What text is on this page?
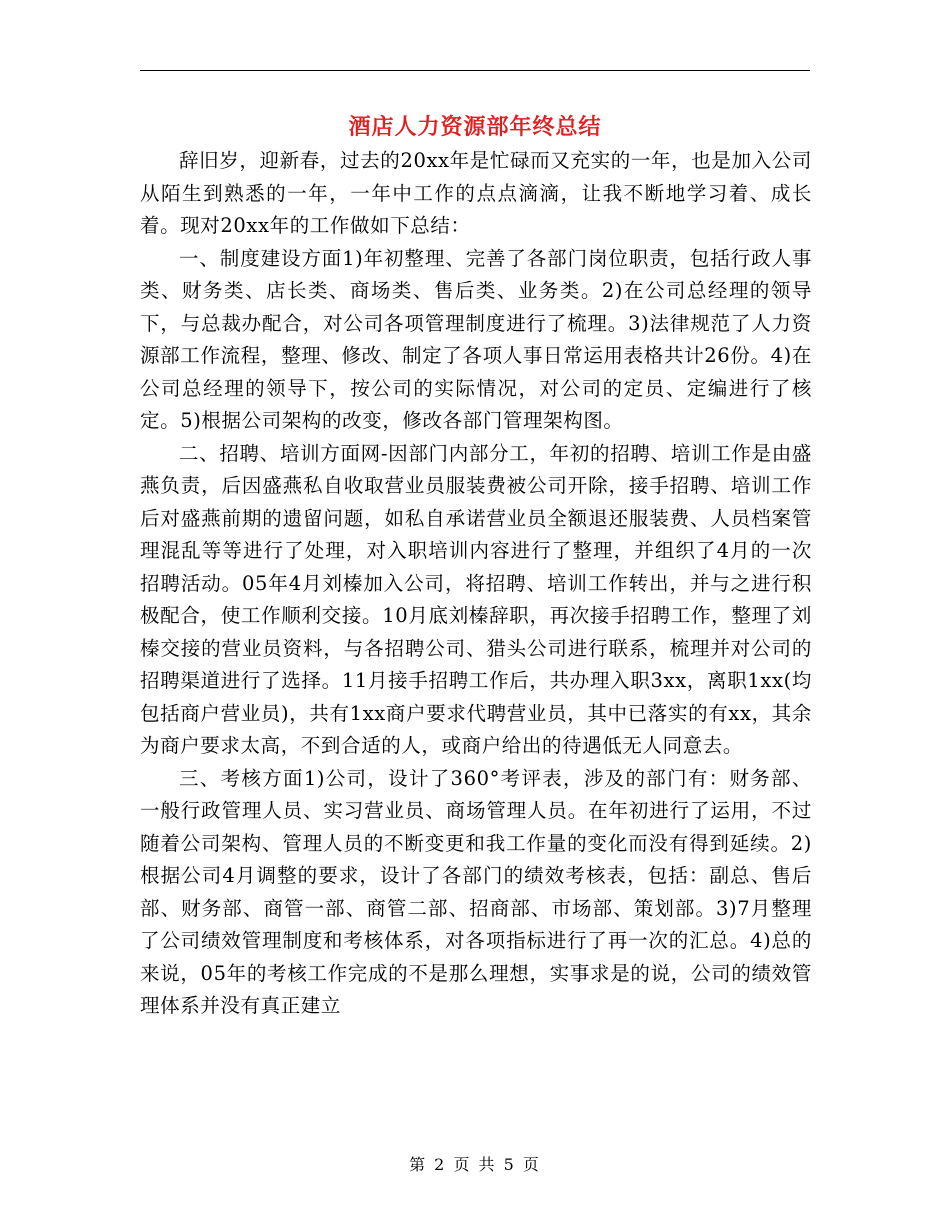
酒店人力资源部年终总结

辞旧岁，迎新春，过去的20xx年是忙碌而又充实的一年，也是加入公司从陌生到熟悉的一年，一年中工作的点点滴滴，让我不断地学习着、成长着。现对20xx年的工作做如下总结：

一、制度建设方面1)年初整理、完善了各部门岗位职责，包括行政人事类、财务类、店长类、商场类、售后类、业务类。2)在公司总经理的领导下，与总裁办配合，对公司各项管理制度进行了梳理。3)法律规范了人力资源部工作流程，整理、修改、制定了各项人事日常运用表格共计26份。4)在公司总经理的领导下，按公司的实际情况，对公司的定员、定编进行了核定。5)根据公司架构的改变，修改各部门管理架构图。

二、招聘、培训方面网-因部门内部分工，年初的招聘、培训工作是由盛燕负责，后因盛燕私自收取营业员服装费被公司开除，接手招聘、培训工作后对盛燕前期的遗留问题，如私自承诺营业员全额退还服装费、人员档案管理混乱等等进行了处理，对入职培训内容进行了整理，并组织了4月的一次招聘活动。05年4月刘榛加入公司，将招聘、培训工作转出，并与之进行积极配合，使工作顺利交接。10月底刘榛辞职，再次接手招聘工作，整理了刘榛交接的营业员资料，与各招聘公司、猎头公司进行联系，梳理并对公司的招聘渠道进行了选择。11月接手招聘工作后，共办理入职3xx，离职1xx(均包括商户营业员)，共有1xx商户要求代聘营业员，其中已落实的有xx，其余为商户要求太高，不到合适的人，或商户给出的待遇低无人同意去。

三、考核方面1)公司，设计了360°考评表，涉及的部门有：财务部、一般行政管理人员、实习营业员、商场管理人员。在年初进行了运用，不过随着公司架构、管理人员的不断变更和我工作量的变化而没有得到延续。2)根据公司4月调整的要求，设计了各部门的绩效考核表，包括：副总、售后部、财务部、商管一部、商管二部、招商部、市场部、策划部。3)7月整理了公司绩效管理制度和考核体系，对各项指标进行了再一次的汇总。4)总的来说，05年的考核工作完成的不是那么理想，实事求是的说，公司的绩效管理体系并没有真正建立

第 2 页 共 5 页
